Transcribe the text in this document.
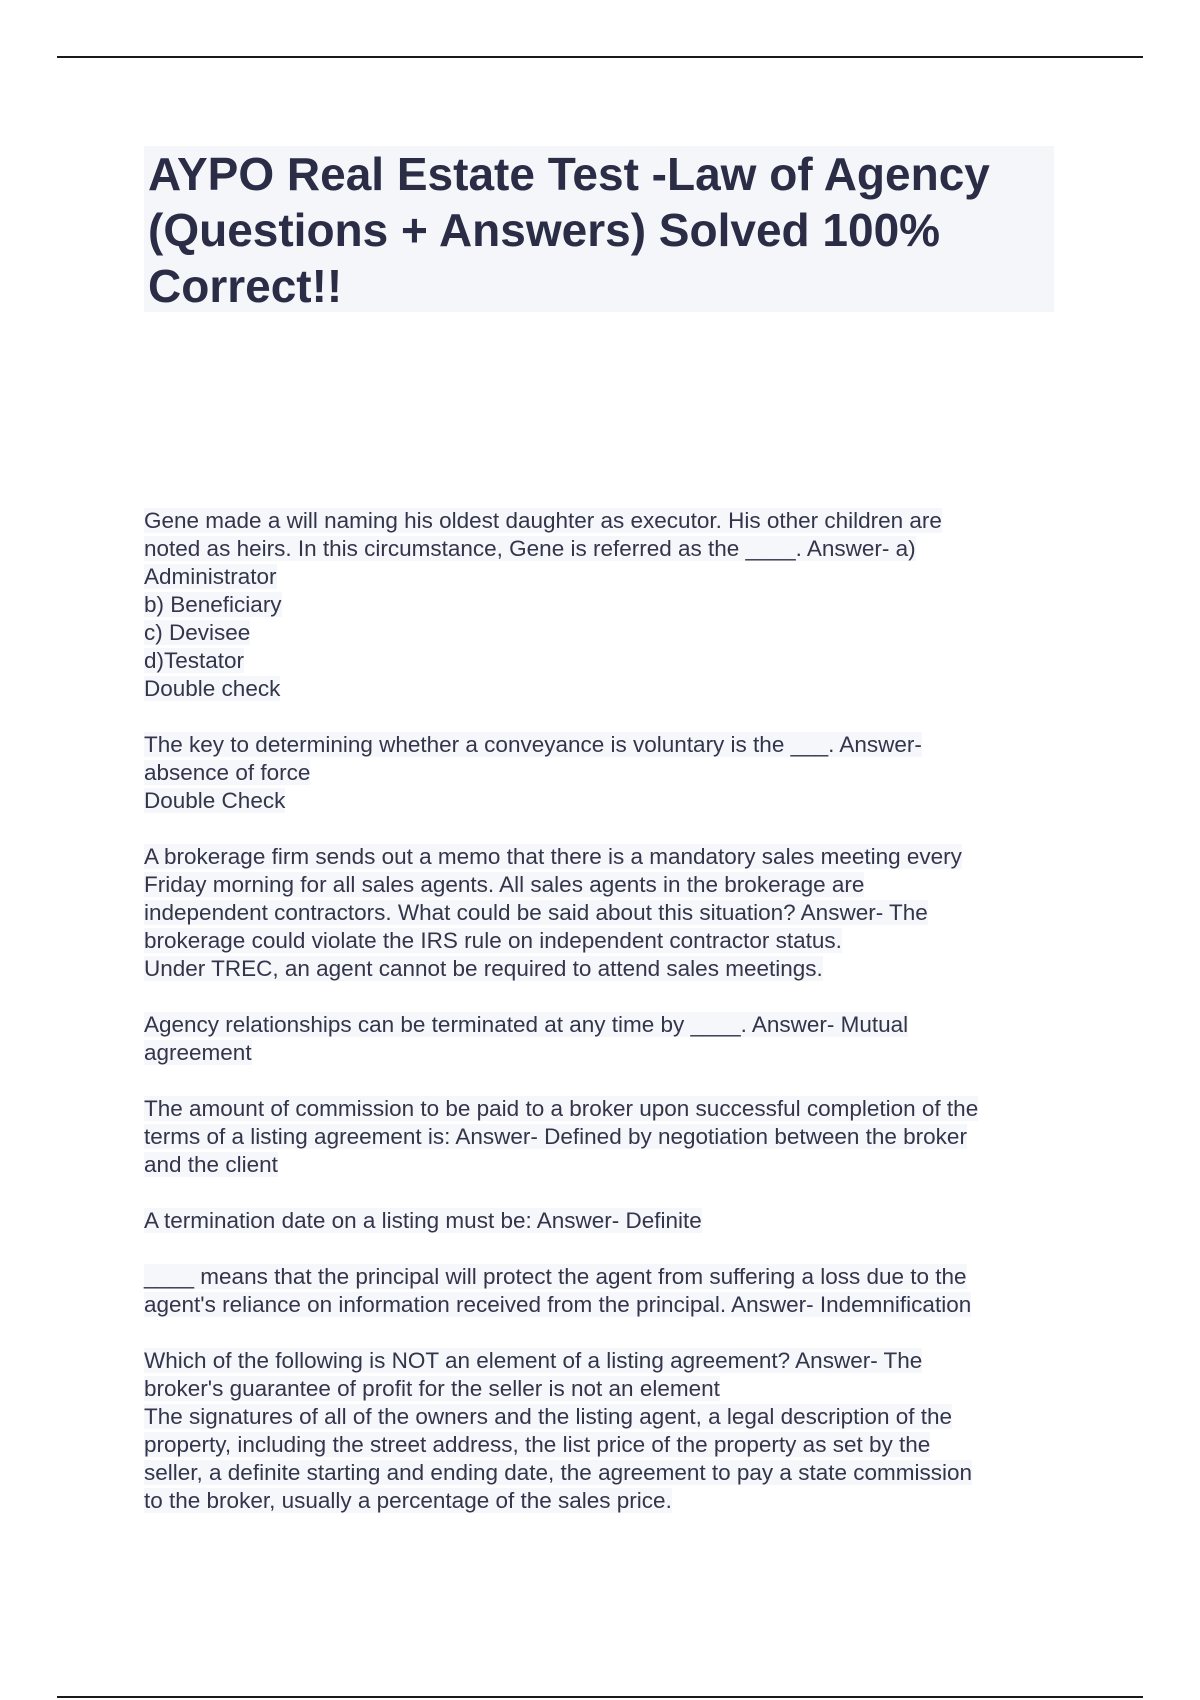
AYPO Real Estate Test -Law of Agency

(Questions + Answers) Solved 100%

Correct!!

Gene made a will naming his oldest daughter as executor. His other children are
noted as heirs. In this circumstance, Gene is referred as the ____. Answer- a)
Administrator
b) Beneficiary
c) Devisee
d)Testator
Double check
The key to determining whether a conveyance is voluntary is the ___. Answer-
absence of force
Double Check
A brokerage firm sends out a memo that there is a mandatory sales meeting every
Friday morning for all sales agents. All sales agents in the brokerage are
independent contractors. What could be said about this situation? Answer- The
brokerage could violate the IRS rule on independent contractor status.
Under TREC, an agent cannot be required to attend sales meetings.
Agency relationships can be terminated at any time by ____. Answer- Mutual
agreement
The amount of commission to be paid to a broker upon successful completion of the
terms of a listing agreement is: Answer- Defined by negotiation between the broker
and the client
A termination date on a listing must be: Answer- Definite
____ means that the principal will protect the agent from suffering a loss due to the
agent's reliance on information received from the principal. Answer- Indemnification
Which of the following is NOT an element of a listing agreement? Answer- The
broker's guarantee of profit for the seller is not an element
The signatures of all of the owners and the listing agent, a legal description of the
property, including the street address, the list price of the property as set by the
seller, a definite starting and ending date, the agreement to pay a state commission
to the broker, usually a percentage of the sales price.
